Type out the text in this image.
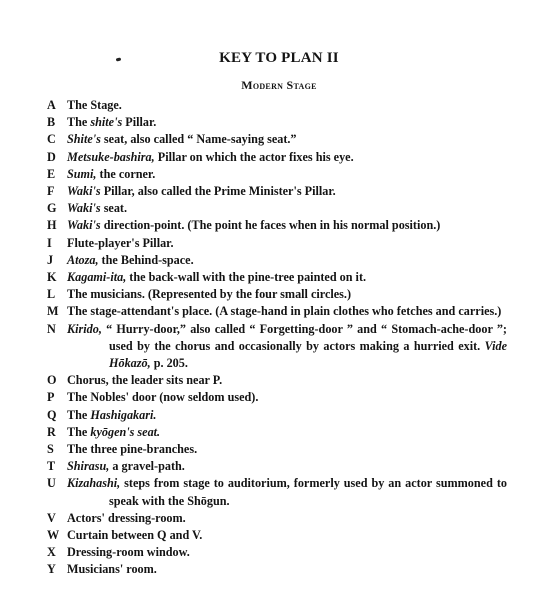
KEY TO PLAN II
Modern Stage
A The Stage.
B The shite's Pillar.
C Shite's seat, also called “ Name-saying seat.”
D Metsuke-bashira, Pillar on which the actor fixes his eye.
E Sumi, the corner.
F	Waki's Pillar, also called the Prime Minister's Pillar.
G Waki's seat.
H Waki's direction-point. (The point he faces when in his normal position.)
I	Flute-player's Pillar.
J	Atoza, the Behind-space.
K Kagami-ita, the back-wall with the pine-tree painted on it.
L The musicians. (Represented by the four small circles.)
M The stage-attendant's place. (A stage-hand in plain clothes who fetches and carries.)
N Kirido, “ Hurry-door,” also called “ Forgetting-door ” and “ Stomach-ache-door ”; used by the chorus and occasionally by actors making a hurried exit. Vide Hōkazō, p. 205.
O Chorus, the leader sits near P.
P	The Nobles' door (now seldom used).
Q The Hashigakari.
R The kyōgen's seat.
S	The three pine-branches.
T Shirasu, a gravel-path.
U Kizahashi, steps from stage to auditorium, formerly used by an actor summoned to speak with the Shōgun.
V Actors' dressing-room.
W Curtain between Q and V.
X Dressing-room window.
Y Musicians' room.
